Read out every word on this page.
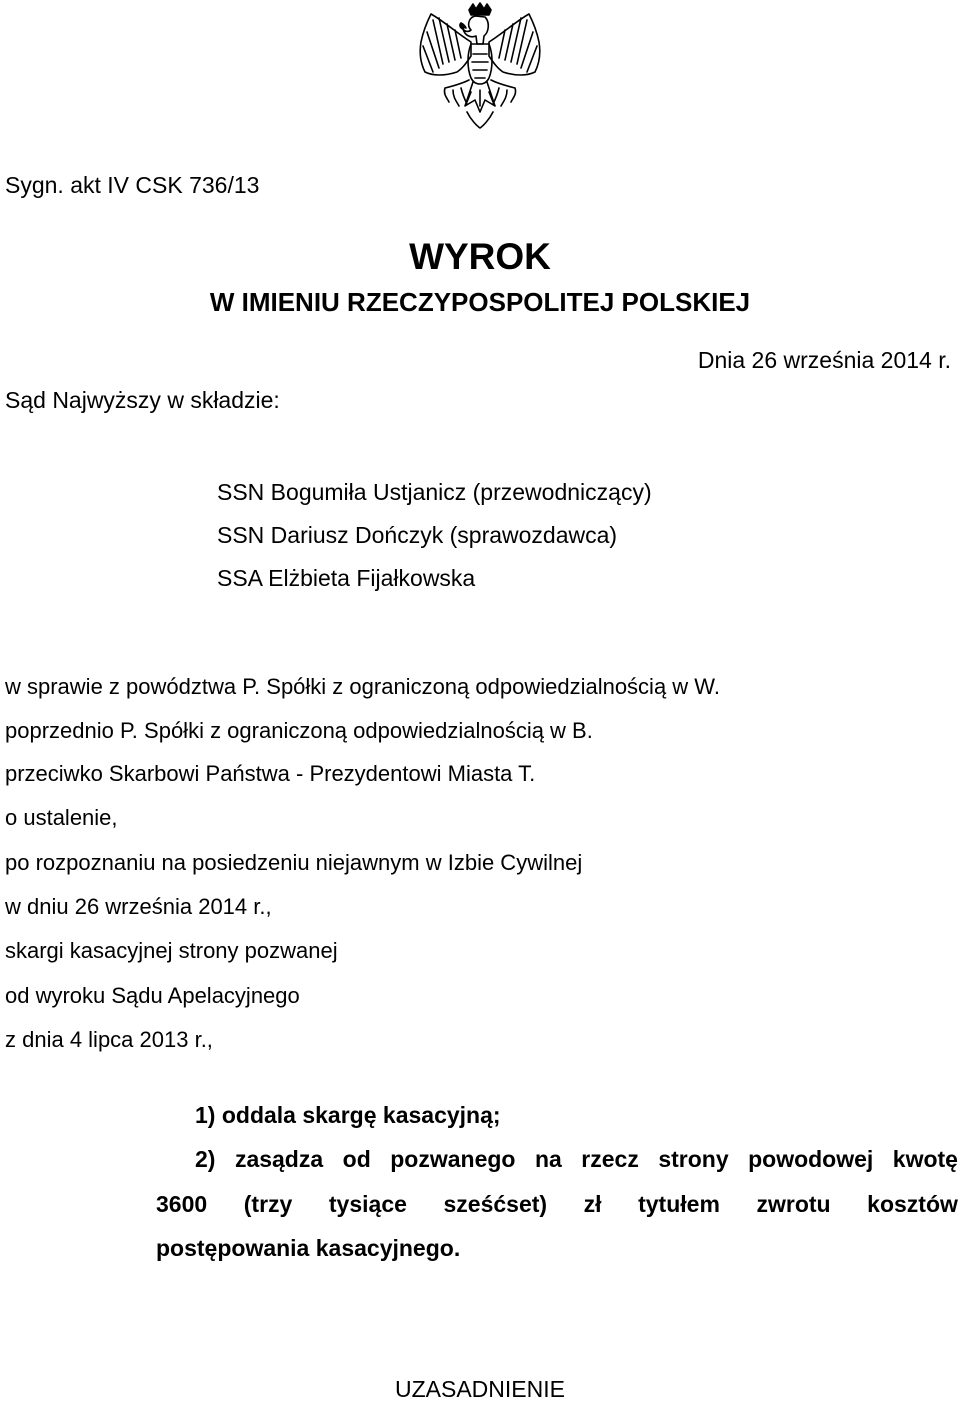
Sygn. akt IV CSK 736/13
WYROK
W IMIENIU RZECZYPOSPOLITEJ POLSKIEJ
Dnia 26 września 2014 r.
Sąd Najwyższy w składzie:
SSN Bogumiła Ustjanicz (przewodniczący)
SSN Dariusz Dończyk (sprawozdawca)
SSA Elżbieta Fijałkowska
w sprawie z powództwa P. Spółki z ograniczoną odpowiedzialnością w W.
poprzednio P. Spółki z ograniczoną odpowiedzialnością w B.
przeciwko Skarbowi Państwa - Prezydentowi Miasta T.
o ustalenie,
po rozpoznaniu na posiedzeniu niejawnym w Izbie Cywilnej
w dniu 26 września 2014 r.,
skargi kasacyjnej strony pozwanej
od wyroku Sądu Apelacyjnego
z dnia 4 lipca 2013 r.,
1) oddala skargę kasacyjną;
2) zasądza od pozwanego na rzecz strony powodowej kwotę
3600 (trzy tysiące sześćset) zł tytułem zwrotu kosztów
postępowania kasacyjnego.
UZASADNIENIE
